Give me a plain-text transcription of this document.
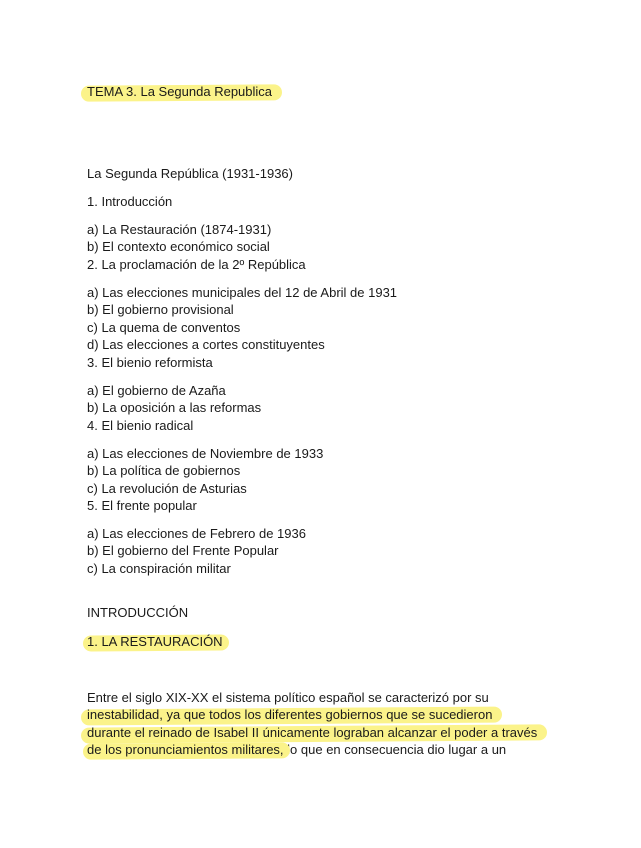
TEMA 3. La Segunda Republica
La Segunda República (1931-1936)
1. Introducción
a) La Restauración (1874-1931)
b) El contexto económico social
2. La proclamación de la 2º República
a) Las elecciones municipales del 12 de Abril de 1931
b) El gobierno provisional
c) La quema de conventos
d) Las elecciones a cortes constituyentes
3. El bienio reformista
a) El gobierno de Azaña
b) La oposición a las reformas
4. El bienio radical
a) Las elecciones de Noviembre de 1933
b) La política de gobiernos
c) La revolución de Asturias
5. El frente popular
a) Las elecciones de Febrero de 1936
b) El gobierno del Frente Popular
c) La conspiración militar
INTRODUCCIÓN
1. LA RESTAURACIÓN
Entre el siglo XIX-XX el sistema político español se caracterizó por su
inestabilidad, ya que todos los diferentes gobiernos que se sucedieron
durante el reinado de Isabel II únicamente lograban alcanzar el poder a través
de los pronunciamientos militares, lo que en consecuencia dio lugar a un
